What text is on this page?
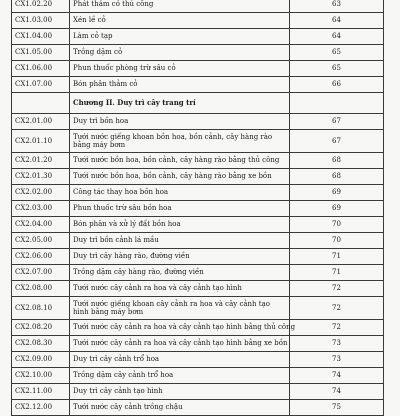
CX1.02.20	Phát thảm cỏ thủ công	63
CX1.03.00	Xén lề cỏ	64
CX1.04.00	Làm cỏ tạp	64
CX1.05.00	Trồng dặm cỏ	65
CX1.06.00	Phun thuốc phòng trừ sâu cỏ	65
CX1.07.00	Bón phân thảm cỏ	66
	Chương II. Duy trì cây trang trí	
CX2.01.00	Duy trì bồn hoa	67
CX2.01.10	Tưới nước giếng khoan bồn hoa, bồn cảnh, cây hàng rào bằng máy bơm	67
CX2.01.20	Tưới nước bồn hoa, bồn cảnh, cây hàng rào bằng thủ công	68
CX2.01.30	Tưới nước bồn hoa, bồn cảnh, cây hàng rào bằng xe bồn	68
CX2.02.00	Công tác thay hoa bồn hoa	69
CX2.03.00	Phun thuốc trừ sâu bồn hoa	69
CX2.04.00	Bón phân và xử lý đất bồn hoa	70
CX2.05.00	Duy trì bồn cảnh lá mầu	70
CX2.06.00	Duy trì cây hàng rào, đường viền	71
CX2.07.00	Trồng dặm cây hàng rào, đường viền	71
CX2.08.00	Tưới nước cây cảnh ra hoa và cây cảnh tạo hình	72
CX2.08.10	Tưới nước giếng khoan cây cảnh ra hoa và cây cảnh tạo hình bằng máy bơm	72
CX2.08.20	Tưới nước cây cảnh ra hoa và cây cảnh tạo hình bằng thủ công	72
CX2.08.30	Tưới nước cây cảnh ra hoa và cây cảnh tạo hình bằng xe bồn	73
CX2.09.00	Duy trì cây cảnh trổ hoa	73
CX2.10.00	Trồng dặm cây cảnh trổ hoa	74
CX2.11.00	Duy trì cây cảnh tạo hình	74
CX2.12.00	Tưới nước cây cảnh trồng chậu	75
